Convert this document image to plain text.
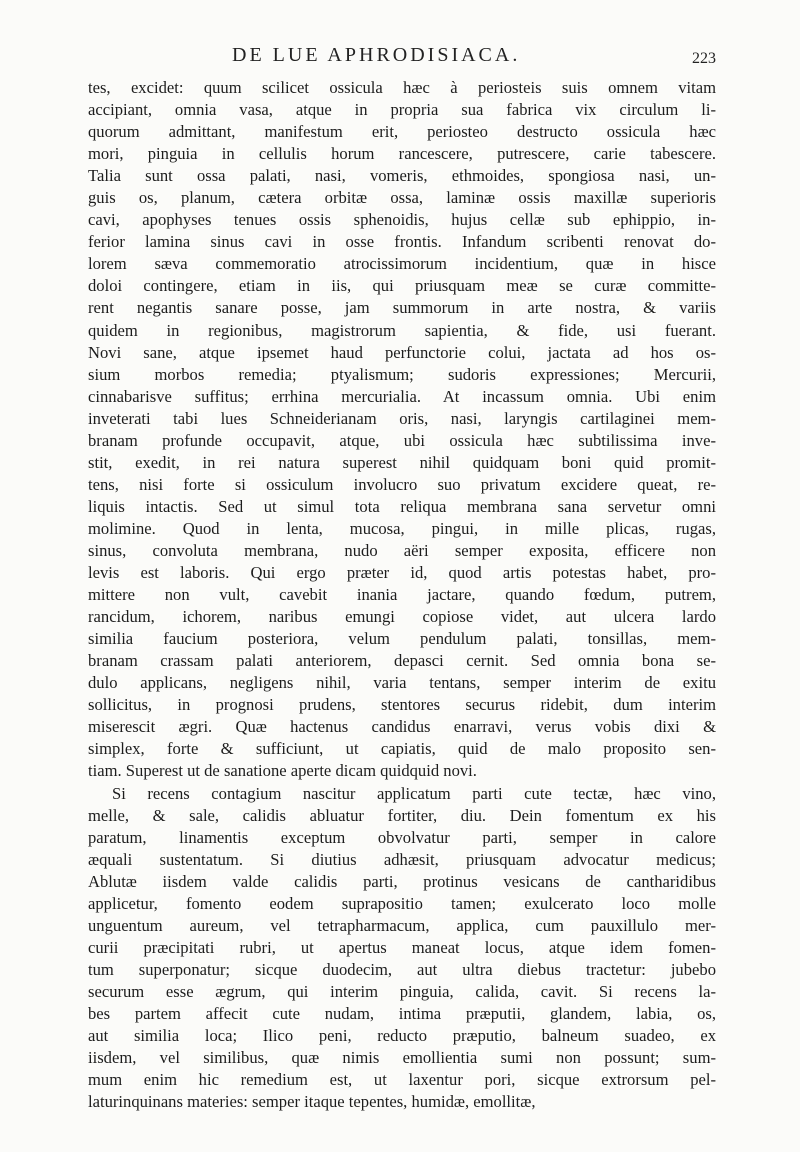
DE LUE APHRODISIACA.	223
tes, excidet: quum scilicet ossicula hæc à periosteis suis omnem vitam
accipiant, omnia vasa, atque in propria sua fabrica vix circulum li-
quorum admittant, manifestum erit, periosteo destructo ossicula hæc
mori, pinguia in cellulis horum rancescere, putrescere, carie tabescere.
Talia sunt ossa palati, nasi, vomeris, ethmoides, spongiosa nasi, un-
guis os, planum, cætera orbitæ ossa, laminæ ossis maxillæ superioris
cavi, apophyses tenues ossis sphenoidis, hujus cellæ sub ephippio, in-
ferior lamina sinus cavi in osse frontis. Infandum scribenti renovat do-
lorem sæva commemoratio atrocissimorum incidentium, quæ in hisce
doloi contingere, etiam in iis, qui priusquam meæ se curæ committe-
rent negantis sanare posse, jam summorum in arte nostra, & variis
quidem in regionibus, magistrorum sapientia, & fide, usi fuerant.
Novi sane, atque ipsemet haud perfunctorie colui, jactata ad hos os-
sium morbos remedia; ptyalismum; sudoris expressiones; Mercurii,
cinnabarisve suffitus; errhina mercurialia. At incassum omnia. Ubi enim
inveterati tabi lues Schneiderianam oris, nasi, laryngis cartilaginei mem-
branam profunde occupavit, atque, ubi ossicula hæc subtilissima inve-
stit, exedit, in rei natura superest nihil quidquam boni quid promit-
tens, nisi forte si ossiculum involucro suo privatum excidere queat, re-
liquis intactis. Sed ut simul tota reliqua membrana sana servetur omni
molimine. Quod in lenta, mucosa, pingui, in mille plicas, rugas,
sinus, convoluta membrana, nudo aëri semper exposita, efficere non
levis est laboris. Qui ergo præter id, quod artis potestas habet, pro-
mittere non vult, cavebit inania jactare, quando fœdum, putrem,
rancidum, ichorem, naribus emungi copiose videt, aut ulcera lardo
similia faucium posteriora, velum pendulum palati, tonsillas, mem-
branam crassam palati anteriorem, depasci cernit. Sed omnia bona se-
dulo applicans, negligens nihil, varia tentans, semper interim de exitu
sollicitus, in prognosi prudens, stentores securus ridebit, dum interim
miserescit ægri. Quæ hactenus candidus enarravi, verus vobis dixi &
simplex, forte & sufficiunt, ut capiatis, quid de malo proposito sen-
tiam. Superest ut de sanatione aperte dicam quidquid novi.
Si recens contagium nascitur applicatum parti cute tectæ, hæc vino,
melle, & sale, calidis abluatur fortiter, diu. Dein fomentum ex his
paratum, linamentis exceptum obvolvatur parti, semper in calore
æquali sustentatum. Si diutius adhæsit, priusquam advocatur medicus;
Ablutæ iisdem valde calidis parti, protinus vesicans de cantharidibus
applicetur, fomento eodem suprapositio tamen; exulcerato loco molle
unguentum aureum, vel tetrapharmacum, applica, cum pauxillulo mer-
curii præcipitati rubri, ut apertus maneat locus, atque idem fomen-
tum superponatur; sicque duodecim, aut ultra diebus tractetur: jubebo
securum esse ægrum, qui interim pinguia, calida, cavit. Si recens la-
bes partem affecit cute nudam, intima præputii, glandem, labia, os,
aut similia loca; Ilico peni, reducto præputio, balneum suadeo, ex
iisdem, vel similibus, quæ nimis emollientia sumi non possunt; sum-
mum enim hic remedium est, ut laxentur pori, sicque extrorsum pel-
laturinquinans materies: semper itaque tepentes, humidæ, emollitæ,
